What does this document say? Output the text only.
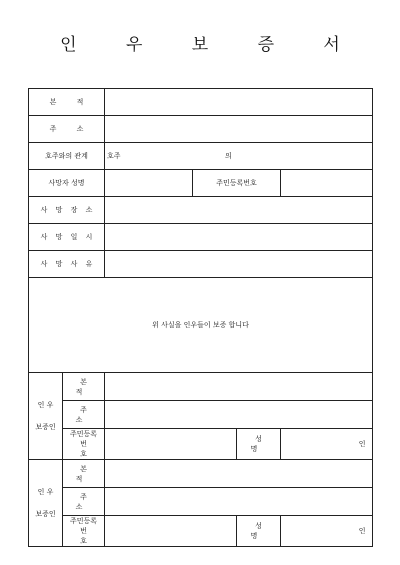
인 우 보 증 서
본 적					
주 소					
호주와의 관계		호주 의			
사망자 성명			주민등록번호		
사 망 장 소					
사 망 일 시					
사 망 사 유					
위 사실을 인우들이 보증 합니다					

인 우
보증인	본 적				
	주 소				

	주민등록
번 호			성 명	인

인 우
보증인	본 적				
	주 소				

	주민등록
번 호			성 명	인
